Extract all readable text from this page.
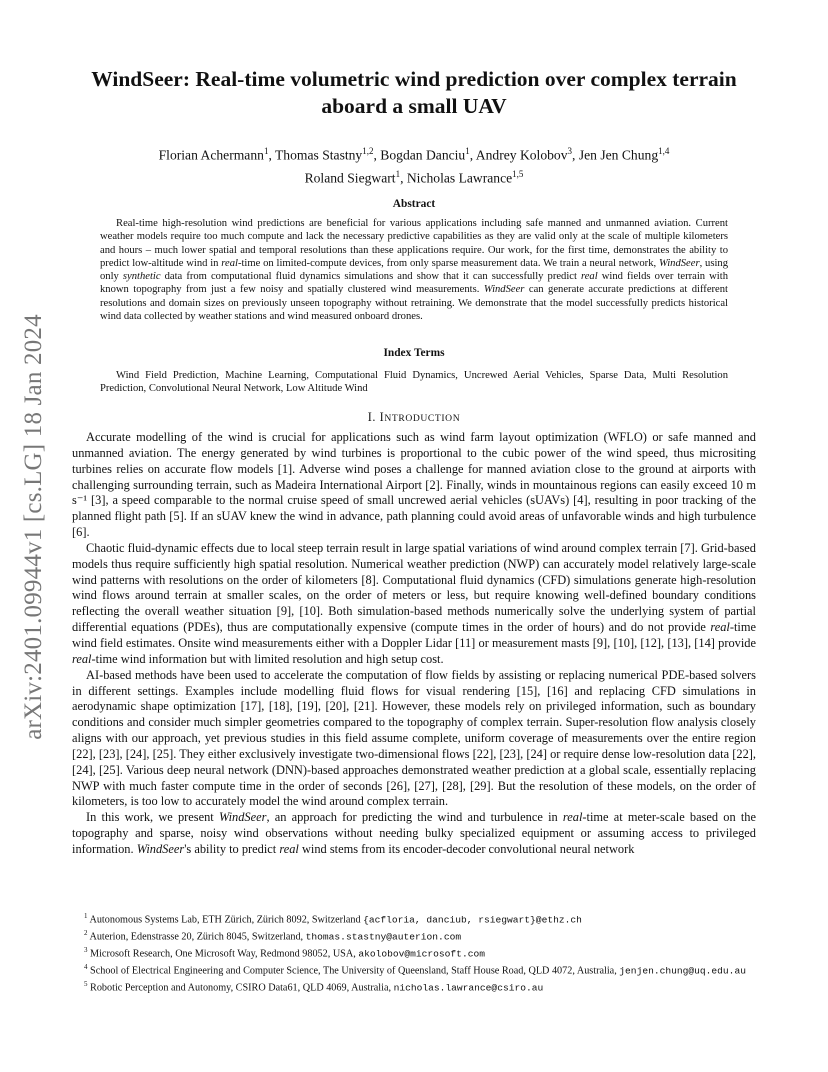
arXiv:2401.09944v1 [cs.LG] 18 Jan 2024
WindSeer: Real-time volumetric wind prediction over complex terrain
aboard a small UAV
Florian Achermann$^1$, Thomas Stastny$^{1,2}$, Bogdan Danciu$^1$, Andrey Kolobov$^3$, Jen Jen Chung$^{1,4}$
Roland Siegwart$^1$, Nicholas Lawrance$^{1,5}$
Abstract
Real-time high-resolution wind predictions are beneficial for various applications including safe manned and unmanned aviation. Current weather models require too much compute and lack the necessary predictive capabilities as they are valid only at the scale of multiple kilometers and hours – much lower spatial and temporal resolutions than these applications require. Our work, for the first time, demonstrates the ability to predict low-altitude wind in real-time on limited-compute devices, from only sparse measurement data. We train a neural network, WindSeer, using only synthetic data from computational fluid dynamics simulations and show that it can successfully predict real wind fields over terrain with known topography from just a few noisy and spatially clustered wind measurements. WindSeer can generate accurate predictions at different resolutions and domain sizes on previously unseen topography without retraining. We demonstrate that the model successfully predicts historical wind data collected by weather stations and wind measured onboard drones.
Index Terms
Wind Field Prediction, Machine Learning, Computational Fluid Dynamics, Uncrewed Aerial Vehicles, Sparse Data, Multi Resolution Prediction, Convolutional Neural Network, Low Altitude Wind
I. INTRODUCTION

Accurate modelling of the wind is crucial for applications such as wind farm layout optimization (WFLO) or safe manned and unmanned aviation. The energy generated by wind turbines is proportional to the cubic power of the wind speed, thus micrositing turbines relies on accurate flow models [1]. Adverse wind poses a challenge for manned aviation close to the ground at airports with challenging surrounding terrain, such as Madeira International Airport [2]. Finally, winds in mountainous regions can easily exceed 10 m s⁻¹ [3], a speed comparable to the normal cruise speed of small uncrewed aerial vehicles (sUAVs) [4], resulting in poor tracking of the planned flight path [5]. If an sUAV knew the wind in advance, path planning could avoid areas of unfavorable winds and high turbulence [6].

Chaotic fluid-dynamic effects due to local steep terrain result in large spatial variations of wind around complex terrain [7]. Grid-based models thus require sufficiently high spatial resolution. Numerical weather prediction (NWP) can accurately model relatively large-scale wind patterns with resolutions on the order of kilometers [8]. Computational fluid dynamics (CFD) simulations generate high-resolution wind flows around terrain at smaller scales, on the order of meters or less, but require knowing well-defined boundary conditions reflecting the overall weather situation [9], [10]. Both simulation-based methods numerically solve the underlying system of partial differential equations (PDEs), thus are computationally expensive (compute times in the order of hours) and do not provide real-time wind field estimates. Onsite wind measurements either with a Doppler Lidar [11] or measurement masts [9], [10], [12], [13], [14] provide real-time wind information but with limited resolution and high setup cost.

AI-based methods have been used to accelerate the computation of flow fields by assisting or replacing numerical PDE-based solvers in different settings. Examples include modelling fluid flows for visual rendering [15], [16] and replacing CFD simulations in aerodynamic shape optimization [17], [18], [19], [20], [21]. However, these models rely on privileged information, such as boundary conditions and consider much simpler geometries compared to the topography of complex terrain. Super-resolution flow analysis closely aligns with our approach, yet previous studies in this field assume complete, uniform coverage of measurements over the entire region [22], [23], [24], [25]. They either exclusively investigate two-dimensional flows [22], [23], [24] or require dense low-resolution data [22], [24], [25]. Various deep neural network (DNN)-based approaches demonstrated weather prediction at a global scale, essentially replacing NWP with much faster compute time in the order of seconds [26], [27], [28], [29]. But the resolution of these models, on the order of kilometers, is too low to accurately model the wind around complex terrain.

In this work, we present WindSeer, an approach for predicting the wind and turbulence in real-time at meter-scale based on the topography and sparse, noisy wind observations without needing bulky specialized equipment or assuming access to privileged information. WindSeer's ability to predict real wind stems from its encoder-decoder convolutional neural network

$^1$ Autonomous Systems Lab, ETH Zürich, Zürich 8092, Switzerland {acfloria, danciub, rsiegwart}@ethz.ch
$^2$ Auterion, Edenstrasse 20, Zürich 8045, Switzerland, thomas.stastny@auterion.com
$^3$ Microsoft Research, One Microsoft Way, Redmond 98052, USA, akolobov@microsoft.com
$^4$ School of Electrical Engineering and Computer Science, The University of Queensland, Staff House Road, QLD 4072, Australia, jenjen.chung@uq.edu.au
$^5$ Robotic Perception and Autonomy, CSIRO Data61, QLD 4069, Australia, nicholas.lawrance@csiro.au
